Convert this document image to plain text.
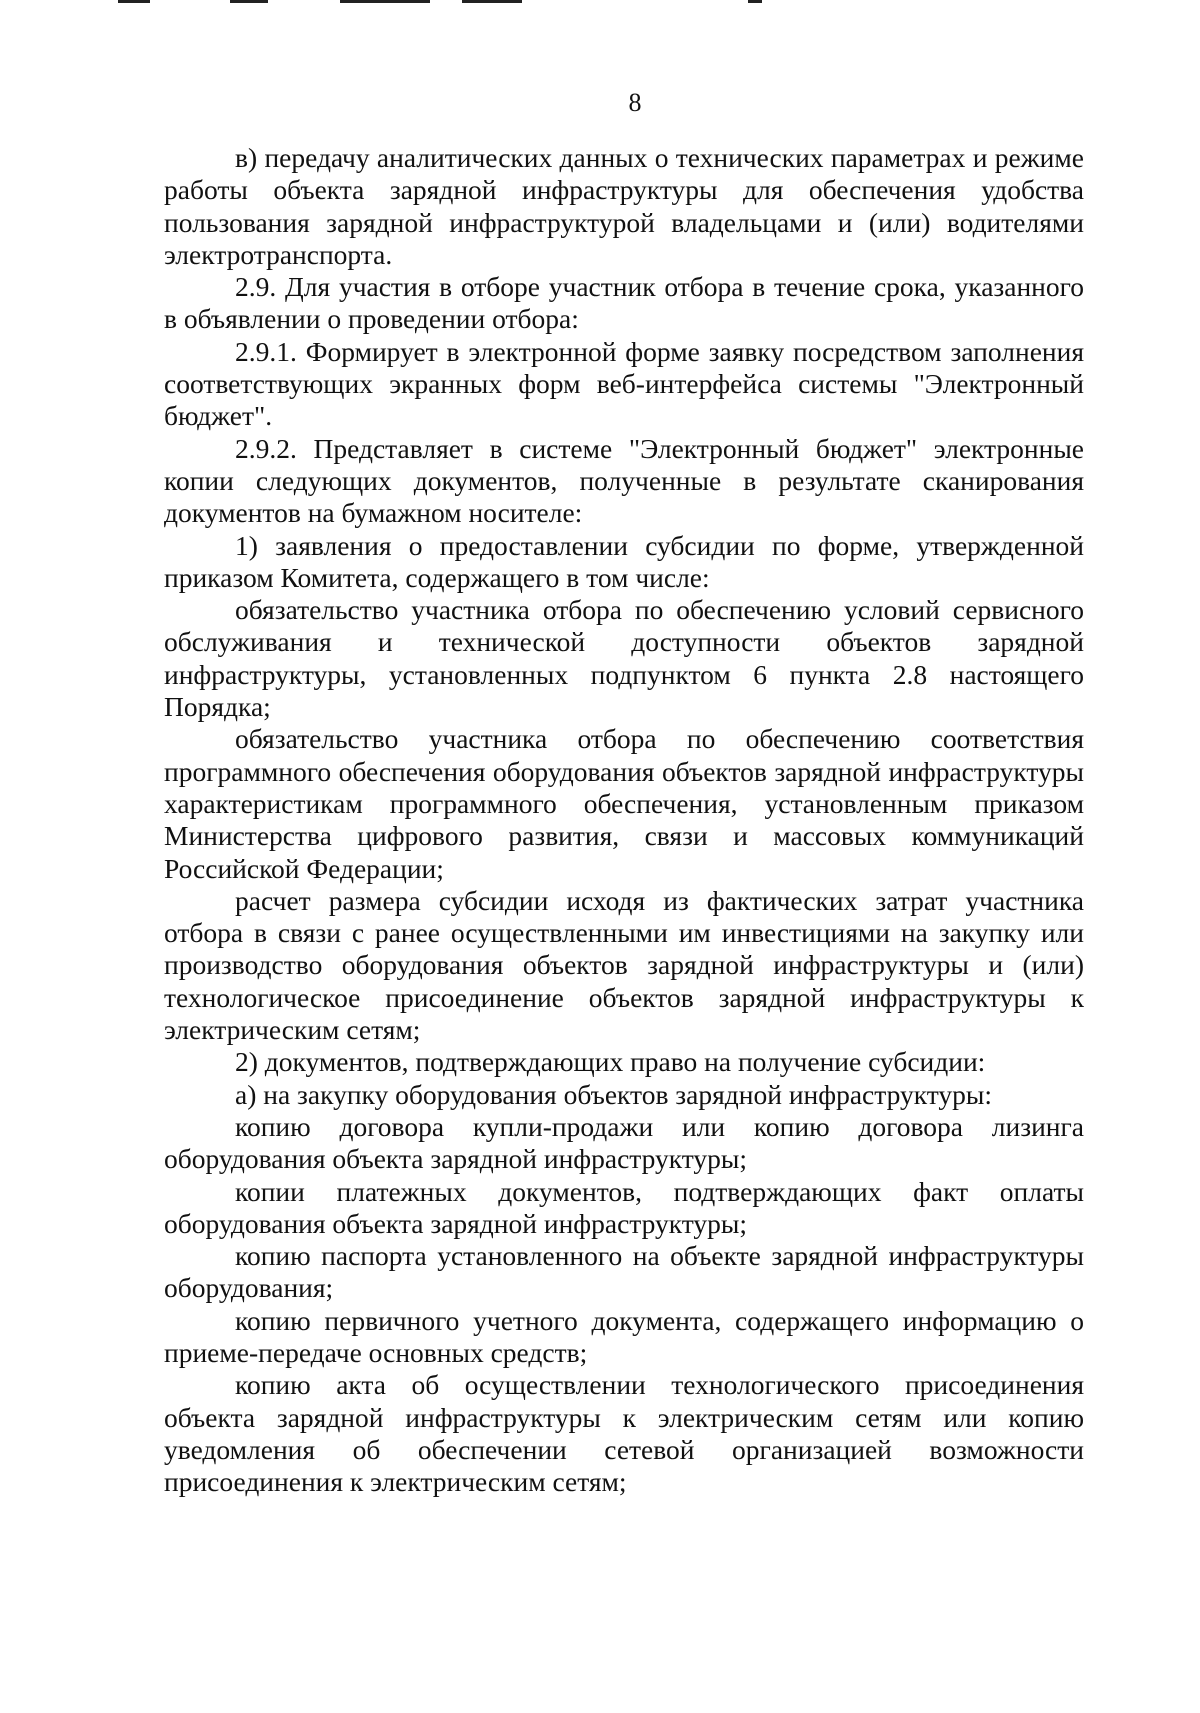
8

в) передачу аналитических данных о технических параметрах и режиме работы объекта зарядной инфраструктуры для обеспечения удобства пользования зарядной инфраструктурой владельцами и (или) водителями электротранспорта.

2.9. Для участия в отборе участник отбора в течение срока, указанного в объявлении о проведении отбора:

2.9.1. Формирует в электронной форме заявку посредством заполнения соответствующих экранных форм веб-интерфейса системы "Электронный бюджет".

2.9.2. Представляет в системе "Электронный бюджет" электронные копии следующих документов, полученные в результате сканирования документов на бумажном носителе:

1) заявления о предоставлении субсидии по форме, утвержденной приказом Комитета, содержащего в том числе:

обязательство участника отбора по обеспечению условий сервисного обслуживания и технической доступности объектов зарядной инфраструктуры, установленных подпунктом 6 пункта 2.8 настоящего Порядка;

обязательство участника отбора по обеспечению соответствия программного обеспечения оборудования объектов зарядной инфраструктуры характеристикам программного обеспечения, установленным приказом Министерства цифрового развития, связи и массовых коммуникаций Российской Федерации;

расчет размера субсидии исходя из фактических затрат участника отбора в связи с ранее осуществленными им инвестициями на закупку или производство оборудования объектов зарядной инфраструктуры и (или) технологическое присоединение объектов зарядной инфраструктуры к электрическим сетям;

2) документов, подтверждающих право на получение субсидии:

а) на закупку оборудования объектов зарядной инфраструктуры:

копию договора купли-продажи или копию договора лизинга оборудования объекта зарядной инфраструктуры;

копии платежных документов, подтверждающих факт оплаты оборудования объекта зарядной инфраструктуры;

копию паспорта установленного на объекте зарядной инфраструктуры оборудования;

копию первичного учетного документа, содержащего информацию о приеме-передаче основных средств;

копию акта об осуществлении технологического присоединения объекта зарядной инфраструктуры к электрическим сетям или копию уведомления об обеспечении сетевой организацией возможности присоединения к электрическим сетям;
